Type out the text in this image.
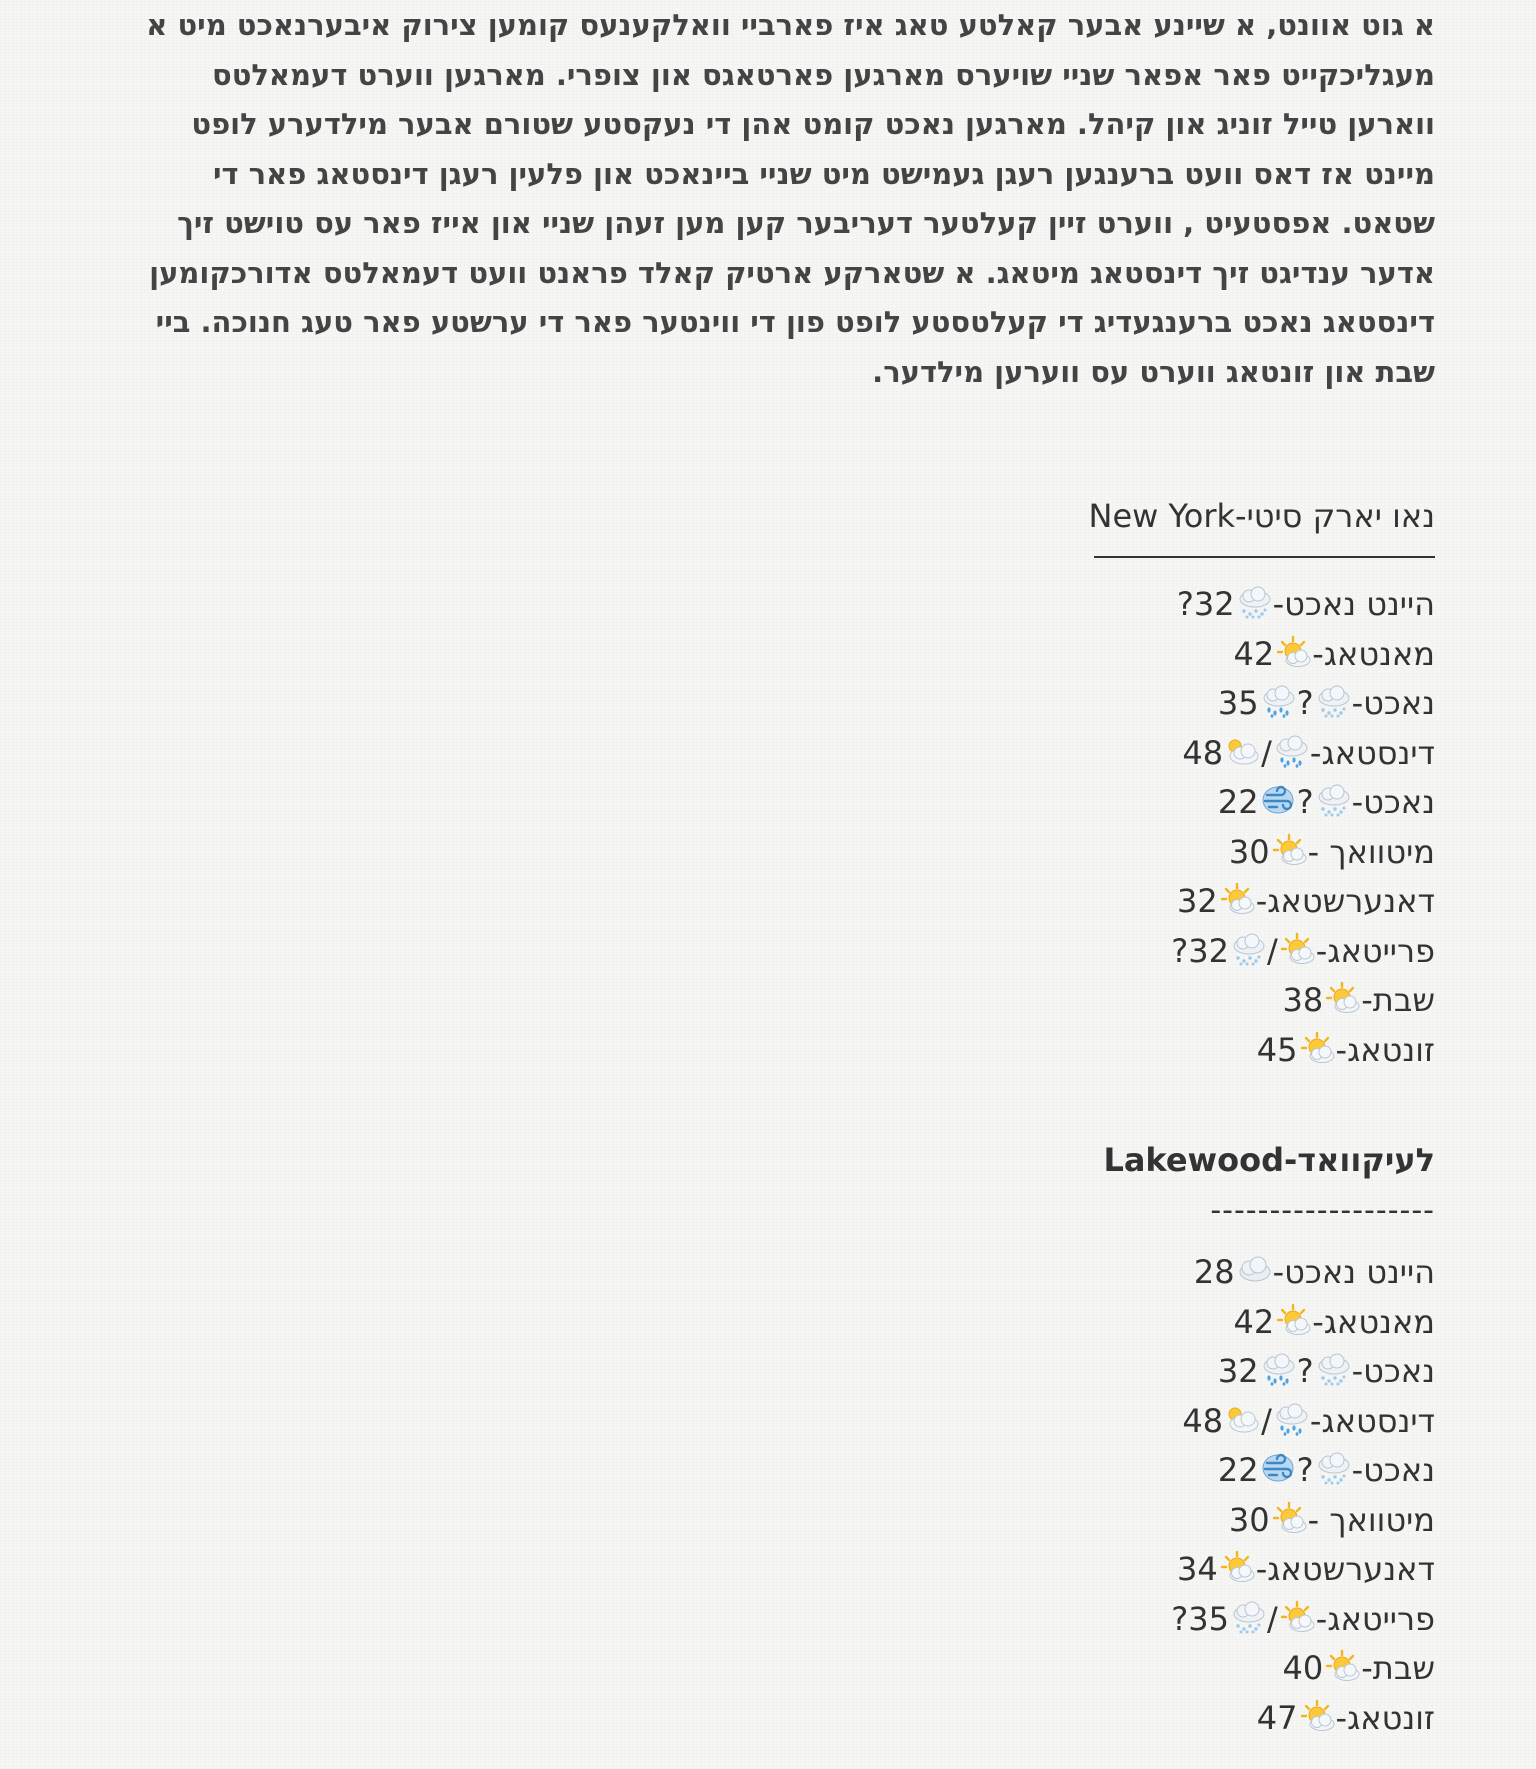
א גוט אוונט, א שיינע אבער קאלטע טאג איז פארביי וואלקענעס קומען צירוק איבערנאכט מיט א
מעגליכקייט פאר אפאר שניי שויערס מארגען פארטאגס און צופרי. מארגען ווערט דעמאלטס
ווארען טייל זוניג און קיהל. מארגען נאכט קומט אהן די נעקסטע שטורם אבער מילדערע לופט
מיינט אז דאס וועט ברענגען רעגן געמישט מיט שניי ביינאכט און פלעין רעגן דינסטאג פאר די
שטאט. אפסטעיט , ווערט זיין קעלטער דעריבער קען מען זעהן שניי און אייז פאר עס טוישט זיך
אדער ענדיגט זיך דינסטאג מיטאג. א שטארקע ארטיק קאלד פראנט וועט דעמאלטס אדורכקומען
דינסטאג נאכט ברענגעדיג די קעלטסטע לופט פון די ווינטער פאר די ערשטע פאר טעג חנוכה. ביי
שבת און זונטאג ווערט עס ווערען מילדער.
נאו יארק סיטי-New York
היינט נאכט-
32?
מאנטאג-
42
נאכט-
?
35
דינסטאג-
/
48
נאכט-
?
22
מיטוואך -
30
דאנערשטאג-
32
פרייטאג-
/
32?
שבת-
38
זונטאג-
45
לעיקוואד-Lakewood
-------------------
היינט נאכט-
28
מאנטאג-
42
נאכט-
?
32
דינסטאג-
/
48
נאכט-
?
22
מיטוואך -
30
דאנערשטאג-
34
פרייטאג-
/
35?
שבת-
40
זונטאג-
47
